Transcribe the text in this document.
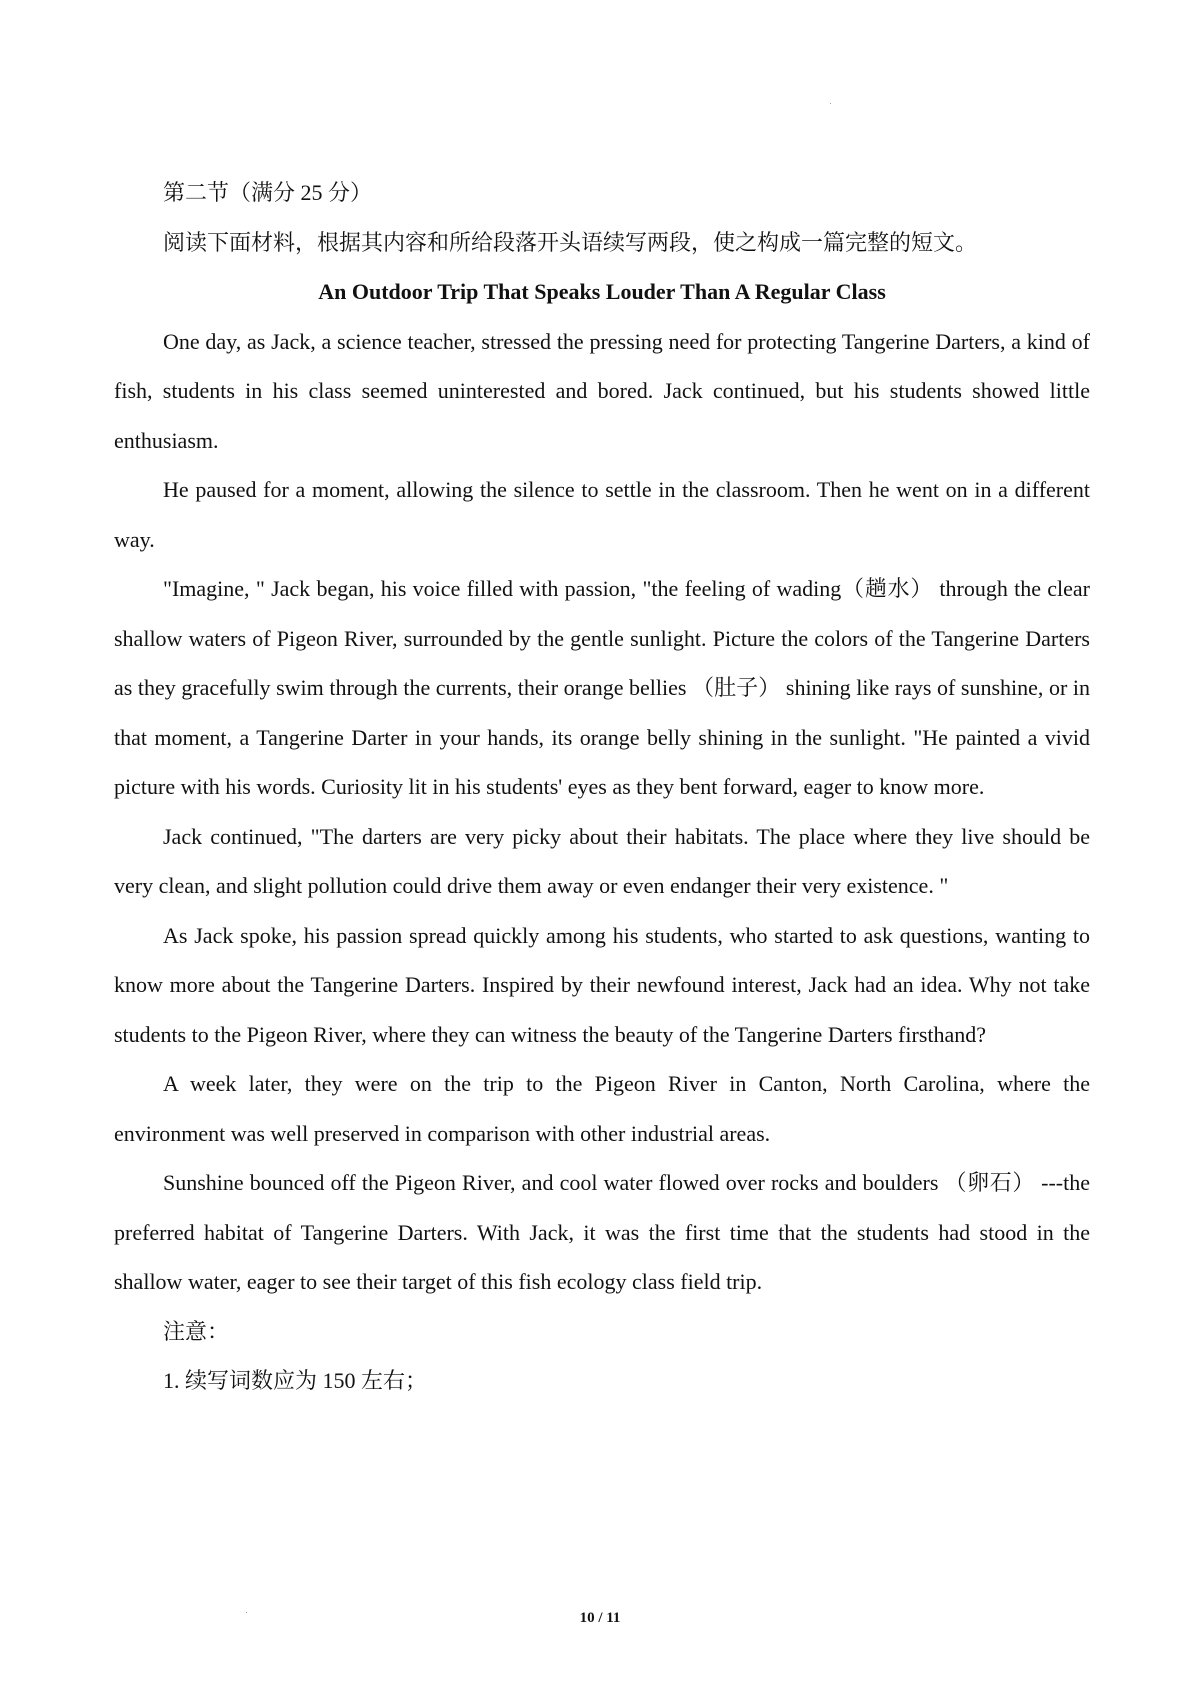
第二节（满分 25 分）
阅读下面材料，根据其内容和所给段落开头语续写两段，使之构成一篇完整的短文。
An Outdoor Trip That Speaks Louder Than A Regular Class

One day, as Jack, a science teacher, stressed the pressing need for protecting Tangerine Darters, a kind of fish, students in his class seemed uninterested and bored. Jack continued, but his students showed little enthusiasm.

He paused for a moment, allowing the silence to settle in the classroom. Then he went on in a different way.

"Imagine, " Jack began, his voice filled with passion, "the feeling of wading（趟水） through the clear shallow waters of Pigeon River, surrounded by the gentle sunlight. Picture the colors of the Tangerine Darters as they gracefully swim through the currents, their orange bellies （肚子） shining like rays of sunshine, or in that moment, a Tangerine Darter in your hands, its orange belly shining in the sunlight. "He painted a vivid picture with his words. Curiosity lit in his students' eyes as they bent forward, eager to know more.

Jack continued, "The darters are very picky about their habitats. The place where they live should be very clean, and slight pollution could drive them away or even endanger their very existence. "

As Jack spoke, his passion spread quickly among his students, who started to ask questions, wanting to know more about the Tangerine Darters. Inspired by their newfound interest, Jack had an idea. Why not take students to the Pigeon River, where they can witness the beauty of the Tangerine Darters firsthand?

A week later, they were on the trip to the Pigeon River in Canton, North Carolina, where the environment was well preserved in comparison with other industrial areas.

Sunshine bounced off the Pigeon River, and cool water flowed over rocks and boulders （卵石） ---the preferred habitat of Tangerine Darters. With Jack, it was the first time that the students had stood in the shallow water, eager to see their target of this fish ecology class field trip.

注意：
1. 续写词数应为 150 左右；
10 / 11
